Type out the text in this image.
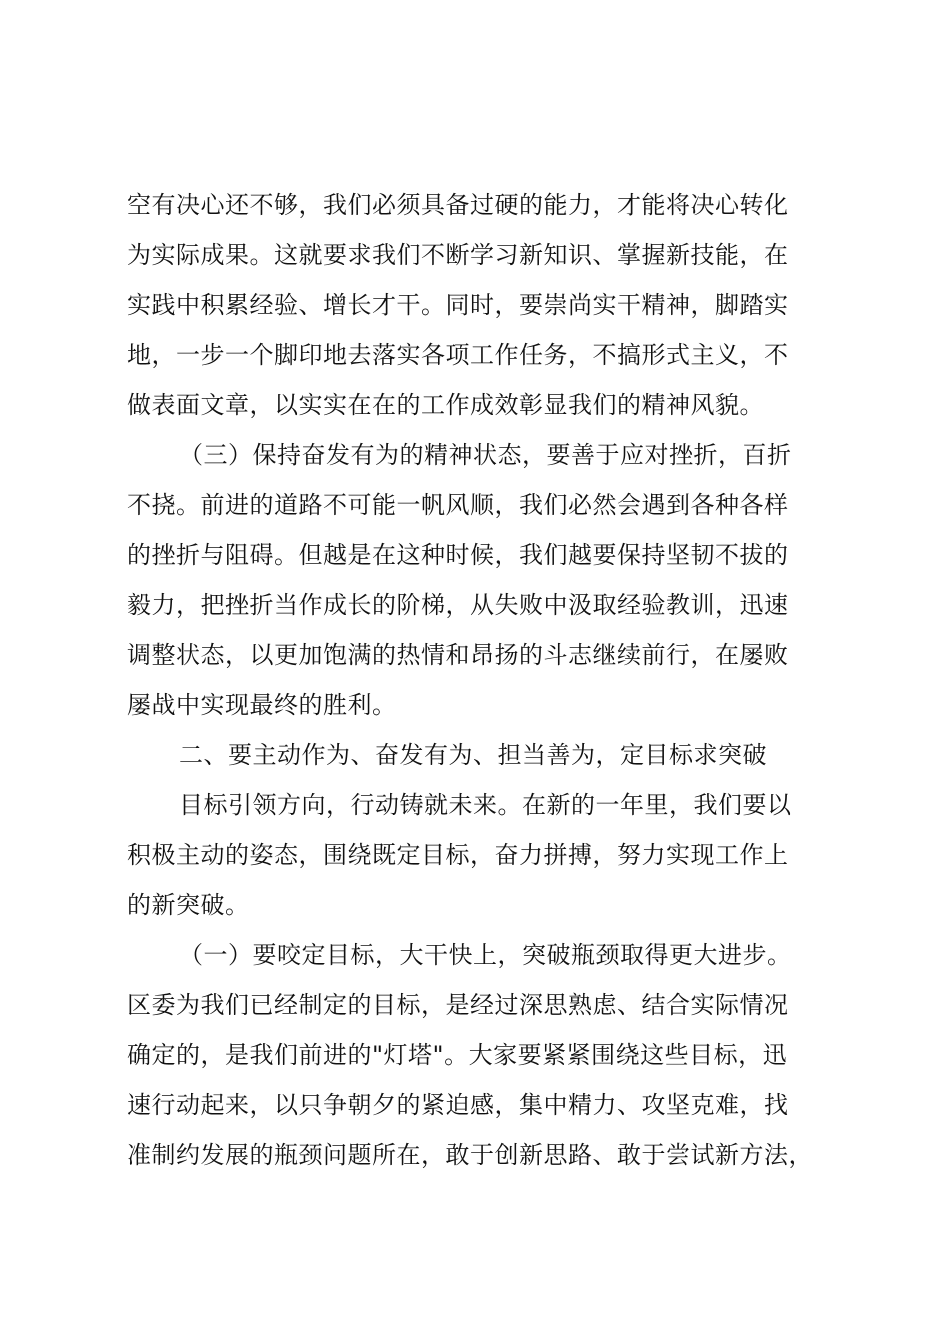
空有决心还不够，我们必须具备过硬的能力，才能将决心转化
为实际成果。这就要求我们不断学习新知识、掌握新技能，在
实践中积累经验、增长才干。同时，要崇尚实干精神，脚踏实
地，一步一个脚印地去落实各项工作任务，不搞形式主义，不
做表面文章，以实实在在的工作成效彰显我们的精神风貌。
（三）保持奋发有为的精神状态，要善于应对挫折，百折
不挠。前进的道路不可能一帆风顺，我们必然会遇到各种各样
的挫折与阻碍。但越是在这种时候，我们越要保持坚韧不拔的
毅力，把挫折当作成长的阶梯，从失败中汲取经验教训，迅速
调整状态，以更加饱满的热情和昂扬的斗志继续前行，在屡败
屡战中实现最终的胜利。
二、要主动作为、奋发有为、担当善为，定目标求突破
目标引领方向，行动铸就未来。在新的一年里，我们要以
积极主动的姿态，围绕既定目标，奋力拼搏，努力实现工作上
的新突破。
（一）要咬定目标，大干快上，突破瓶颈取得更大进步。
区委为我们已经制定的目标，是经过深思熟虑、结合实际情况
确定的，是我们前进的"灯塔"。大家要紧紧围绕这些目标，迅
速行动起来，以只争朝夕的紧迫感，集中精力、攻坚克难，找
准制约发展的瓶颈问题所在，敢于创新思路、敢于尝试新方法，
